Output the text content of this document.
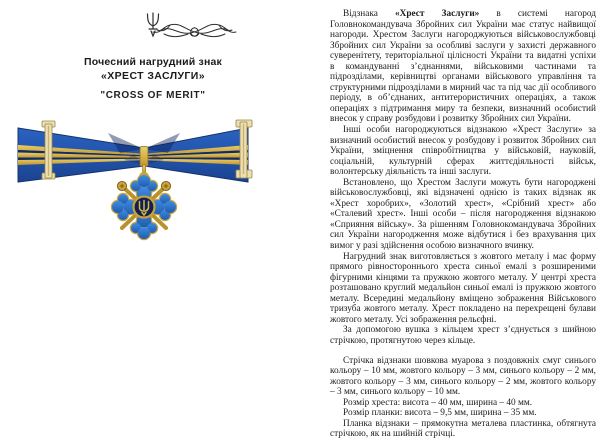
Почесний нагрудний знак
«ХРЕСТ ЗАСЛУГИ»
"CROSS OF MERIT"

Відзнака «Хрест Заслуги» в системі нагород Головнокомандувача Збройних сил України має статус найвищої нагороди. Хрестом Заслуги нагороджуються військовослужбовці Збройних сил України за особливі заслуги у захисті державного суверенітету, територіальної цілісності України та видатні успіхи в командуванні з’єднаннями, військовими частинами та підрозділами, керівництві органами військового управління та структурними підрозділами в мирний час та під час дії особливого періоду, в об’єднаних, антитерористичних операціях, а також операціях з підтримання миру та безпеки, визначний особистий внесок у справу розбудови і розвитку Збройних сил України.

Інші особи нагороджуються відзнакою «Хрест Заслуги» за визначний особистий внесок у розбудову і розвиток Збройних сил України, зміцнення співробітництва у військовій, науковій, соціальній, культурній сферах життєдіяльності військ, волонтерську діяльність та інші заслуги.

Встановлено, що Хрестом Заслуги можуть бути нагороджені військовослужбовці, які відзначені однією із таких відзнак як «Хрест хоробрих», «Золотий хрест», «Срібний хрест» або «Сталевий хрест». Інші особи – після нагородження відзнакою «Сприяння війську». За рішенням Головнокомандувача Збройних сил України нагородження може відбутися і без врахування цих вимог у разі здійснення особою визначного вчинку.

Нагрудний знак виготовляється з жовтого металу і має форму прямого рівностороннього хреста синьої емалі з розширеними фігурними кінцями та пружкою жовтого металу. У центрі хреста розташовано круглий медальйон синьої емалі із пружкою жовтого металу. Всередині медальйону вміщено зображення Військового тризуба жовтого металу. Хрест покладено на перехрещені булави жовтого металу. Усі зображення рельєфні.

За допомогою вушка з кільцем хрест з’єднується з шийною стрічкою, протягнутою через кільце.

Стрічка відзнаки шовкова муарова з поздовжніх смуг синього кольору – 10 мм, жовтого кольору – 3 мм, синього кольору – 2 мм, жовтого кольору – 3 мм, синього кольору – 2 мм, жовтого кольору – 3 мм, синього кольору – 10 мм.

Розмір хреста: висота – 40 мм, ширина – 40 мм.

Розмір планки: висота – 9,5 мм, ширина – 35 мм.

Планка відзнаки – прямокутна металева пластинка, обтягнута стрічкою, як на шийній стрічці.
